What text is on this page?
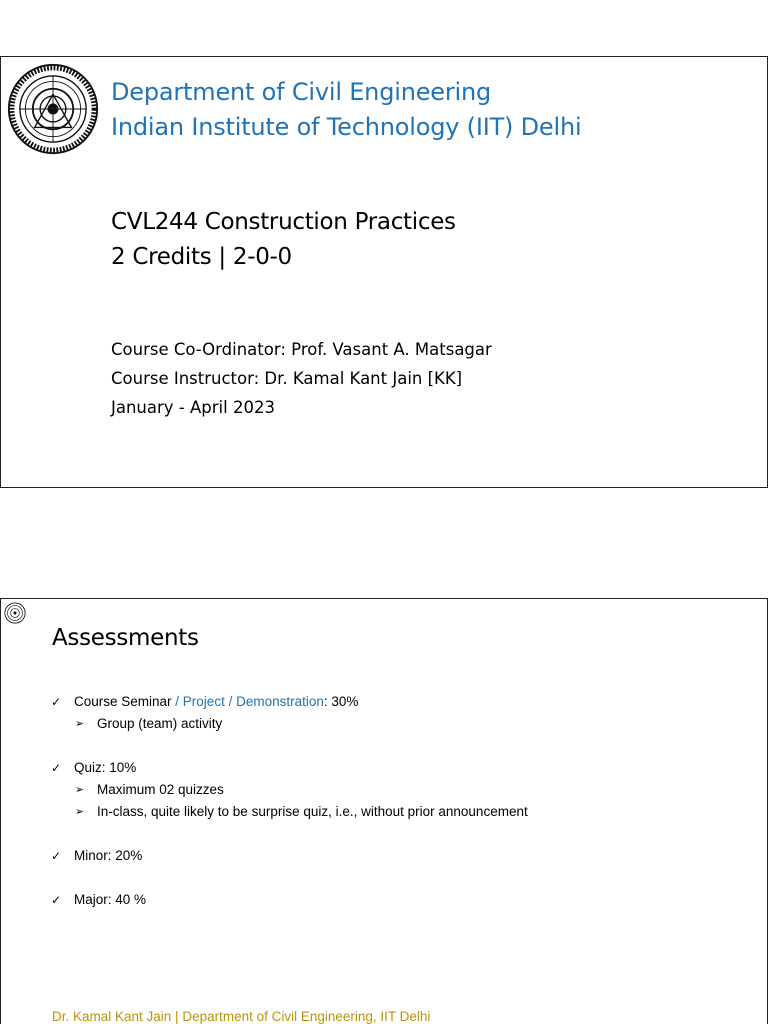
Department of Civil Engineering
Indian Institute of Technology (IIT) Delhi
CVL244 Construction Practices
2 Credits | 2-0-0
Course Co-Ordinator: Prof. Vasant A. Matsagar
Course Instructor: Dr. Kamal Kant Jain [KK]
January - April 2023
Assessments
✓ Course Seminar / Project / Demonstration: 30%
➢ Group (team) activity
✓ Quiz: 10%
➢ Maximum 02 quizzes
➢ In-class, quite likely to be surprise quiz, i.e., without prior announcement
✓ Minor: 20%
✓ Major: 40 %
Dr. Kamal Kant Jain | Department of Civil Engineering, IIT Delhi
